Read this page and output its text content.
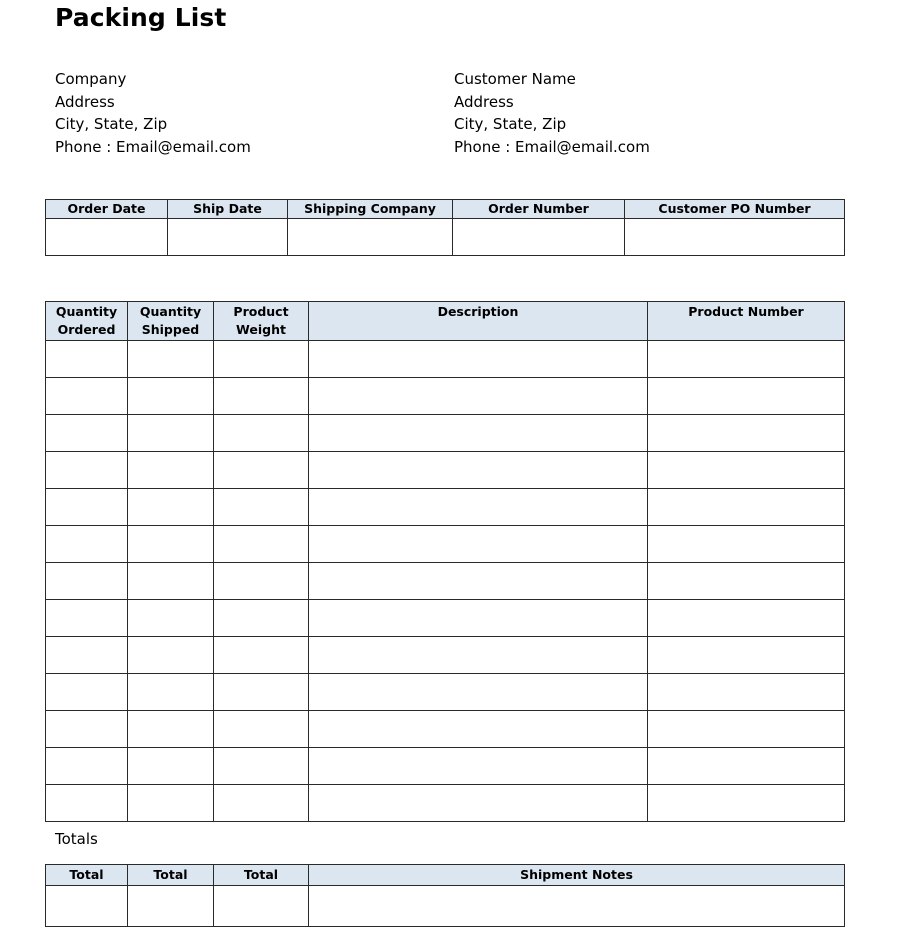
Packing List
Company
Address
City, State, Zip
Phone : Email@email.com
Customer Name
Address
City, State, Zip
Phone : Email@email.com
Order Date	Ship Date	Shipping Company	Order Number	Customer PO Number

Quantity Ordered	Quantity Shipped	Product Weight	Description	Product Number

Totals
Total	Total	Total	Shipment Notes
